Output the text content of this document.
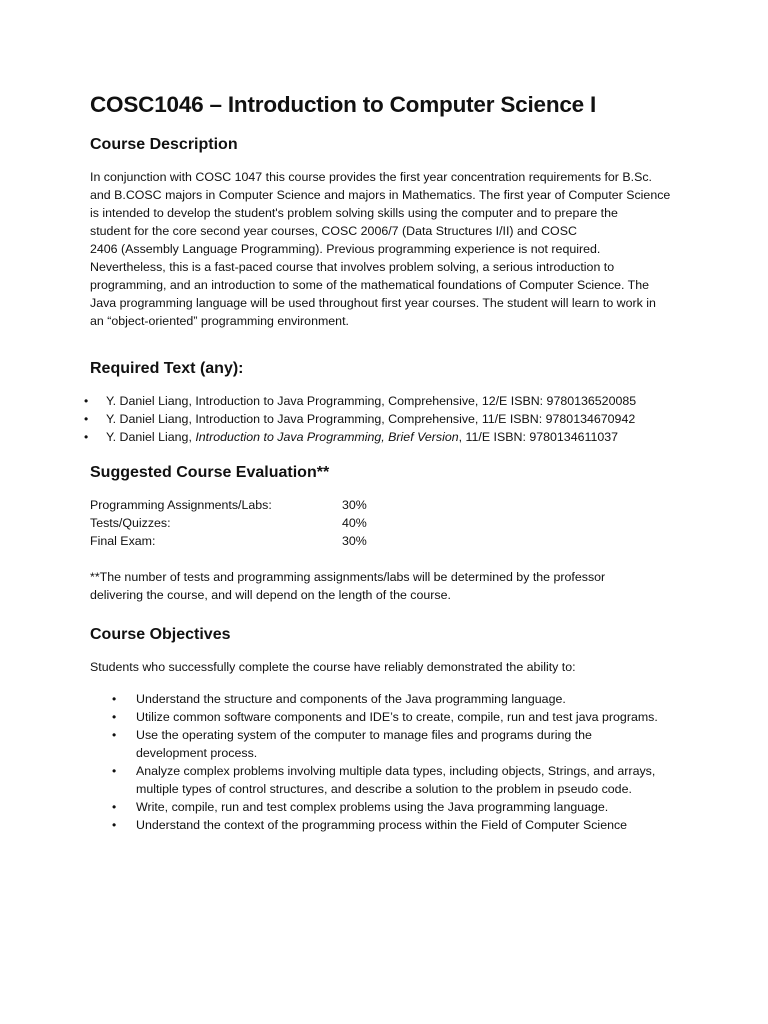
COSC1046 – Introduction to Computer Science I
Course Description

In conjunction with COSC 1047 this course provides the first year concentration requirements for B.Sc.
and B.COSC majors in Computer Science and majors in Mathematics. The first year of Computer Science
is intended to develop the student's problem solving skills using the computer and to prepare the
student for the core second year courses, COSC 2006/7 (Data Structures I/II) and COSC
2406 (Assembly Language Programming). Previous programming experience is not required.
Nevertheless, this is a fast-paced course that involves problem solving, a serious introduction to
programming, and an introduction to some of the mathematical foundations of Computer Science. The
Java programming language will be used throughout first year courses. The student will learn to work in
an “object-oriented” programming environment.

Required Text (any):
• Y. Daniel Liang, Introduction to Java Programming, Comprehensive, 12/E ISBN: 9780136520085
• Y. Daniel Liang, Introduction to Java Programming, Comprehensive, 11/E ISBN: 9780134670942
• Y. Daniel Liang, Introduction to Java Programming, Brief Version, 11/E ISBN: 9780134611037
Suggested Course Evaluation**
Programming Assignments/Labs:	30%
Tests/Quizzes:	40%
Final Exam:	30%

**The number of tests and programming assignments/labs will be determined by the professor
delivering the course, and will depend on the length of the course.

Course Objectives

Students who successfully complete the course have reliably demonstrated the ability to:

• Understand the structure and components of the Java programming language.
• Utilize common software components and IDE’s to create, compile, run and test java programs.
• Use the operating system of the computer to manage files and programs during the
development process.
• Analyze complex problems involving multiple data types, including objects, Strings, and arrays,
multiple types of control structures, and describe a solution to the problem in pseudo code.
• Write, compile, run and test complex problems using the Java programming language.
• Understand the context of the programming process within the Field of Computer Science
